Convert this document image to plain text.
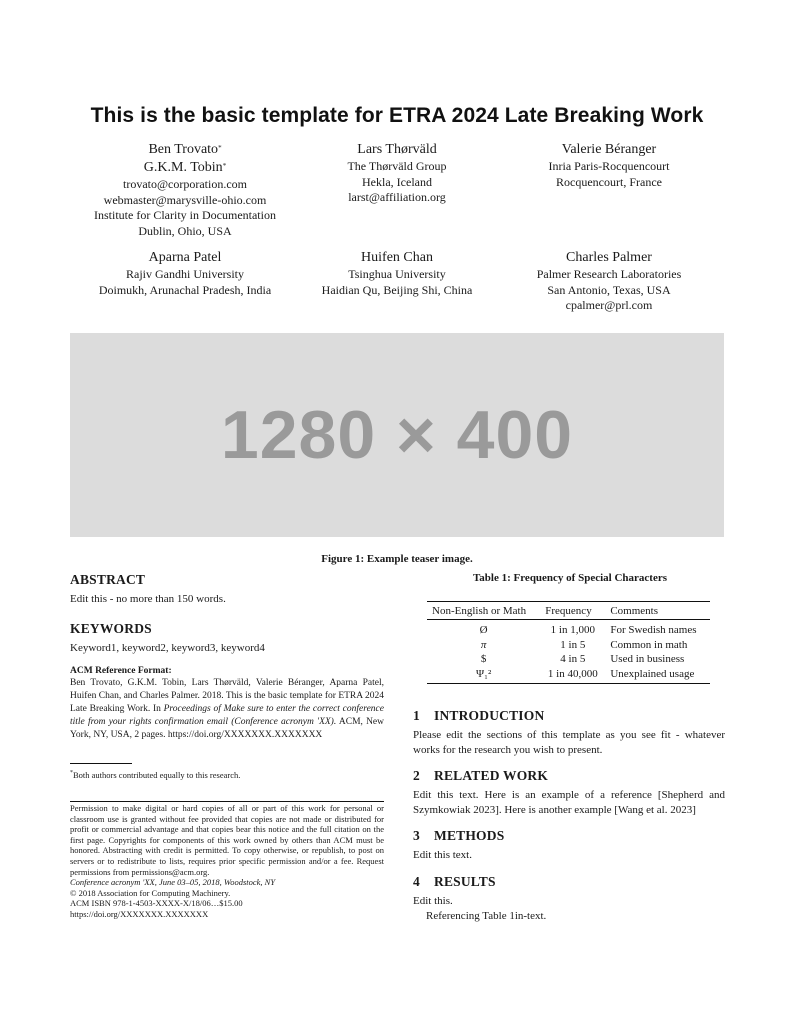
This is the basic template for ETRA 2024 Late Breaking Work
Ben Trovato*
G.K.M. Tobin*
trovato@corporation.com
webmaster@marysville-ohio.com
Institute for Clarity in Documentation
Dublin, Ohio, USA
Lars Thørväld
The Thørväld Group
Hekla, Iceland
larst@affiliation.org
Valerie Béranger
Inria Paris-Rocquencourt
Rocquencourt, France
Aparna Patel
Rajiv Gandhi University
Doimukh, Arunachal Pradesh, India
Huifen Chan
Tsinghua University
Haidian Qu, Beijing Shi, China
Charles Palmer
Palmer Research Laboratories
San Antonio, Texas, USA
cpalmer@prl.com
1280 × 400
Figure 1: Example teaser image.
ABSTRACT
Edit this - no more than 150 words.
KEYWORDS
Keyword1, keyword2, keyword3, keyword4
ACM Reference Format:
Ben Trovato, G.K.M. Tobin, Lars Thørväld, Valerie Béranger, Aparna Patel, Huifen Chan, and Charles Palmer. 2018. This is the basic template for ETRA 2024 Late Breaking Work. In Proceedings of Make sure to enter the correct conference title from your rights confirmation email (Conference acronym 'XX). ACM, New York, NY, USA, 2 pages. https://doi.org/XXXXXXX.XXXXXXX
*Both authors contributed equally to this research.
Permission to make digital or hard copies of all or part of this work for personal or classroom use is granted without fee provided that copies are not made or distributed for profit or commercial advantage and that copies bear this notice and the full citation on the first page. Copyrights for components of this work owned by others than ACM must be honored. Abstracting with credit is permitted. To copy otherwise, or republish, to post on servers or to redistribute to lists, requires prior specific permission and/or a fee. Request permissions from permissions@acm.org.
Conference acronym 'XX, June 03–05, 2018, Woodstock, NY
© 2018 Association for Computing Machinery.
ACM ISBN 978-1-4503-XXXX-X/18/06…$15.00
https://doi.org/XXXXXXX.XXXXXXX
Table 1: Frequency of Special Characters
Non-English or Math	Frequency	Comments
Ø	1 in 1,000	For Swedish names
π	1 in 5	Common in math
$	4 in 5	Used in business
Ψ₁²	1 in 40,000	Unexplained usage
1 INTRODUCTION
Please edit the sections of this template as you see fit - whatever works for the research you wish to present.
2 RELATED WORK
Edit this text. Here is an example of a reference [Shepherd and Szymkowiak 2023]. Here is another example [Wang et al. 2023]
3 METHODS
Edit this text.
4 RESULTS
Edit this.
Referencing Table 1in-text.
